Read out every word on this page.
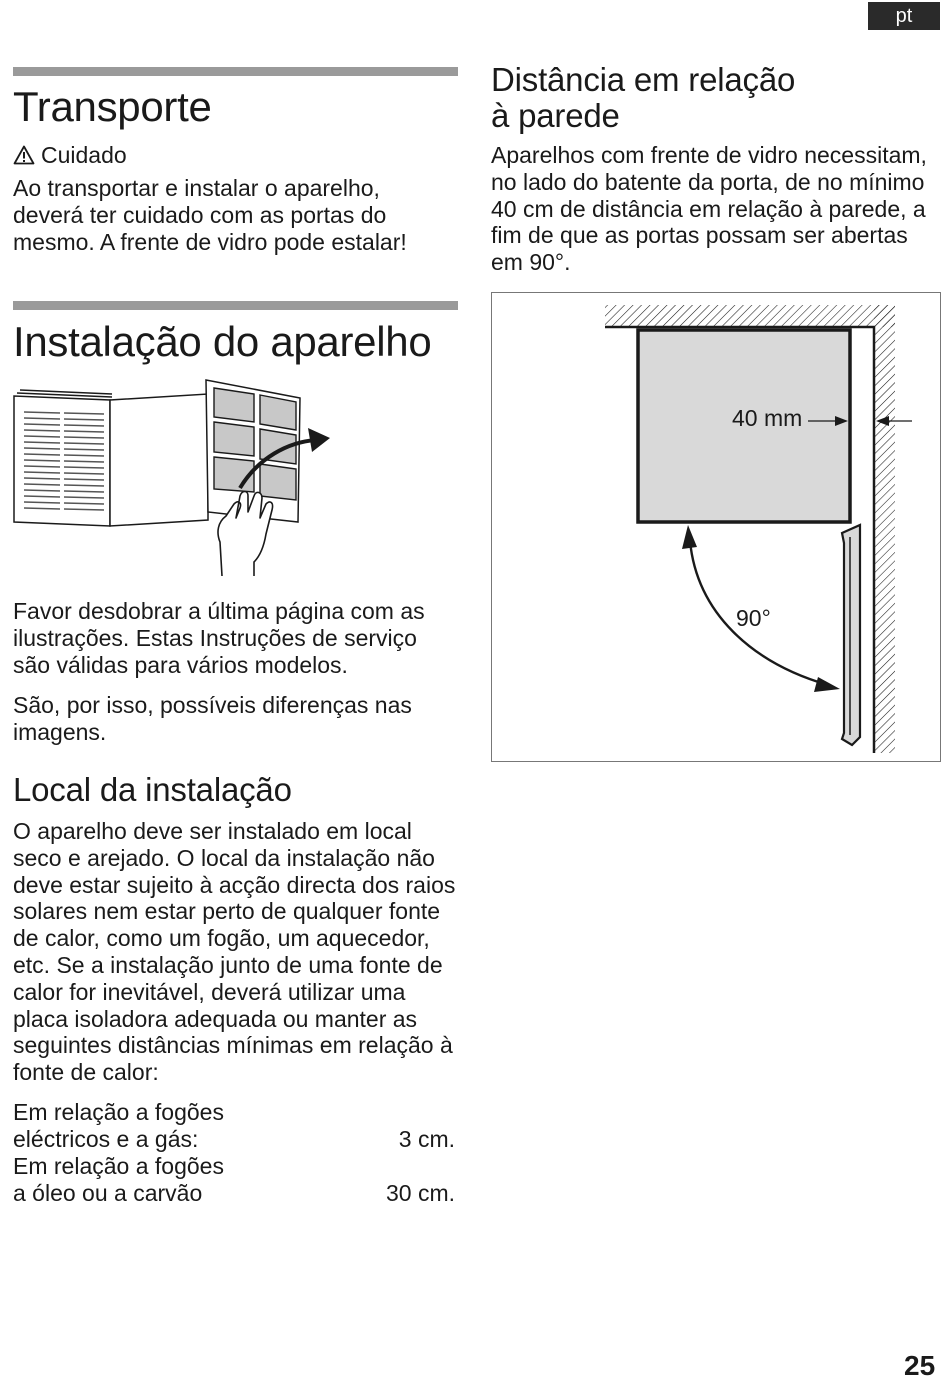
pt
Transporte
Cuidado

Ao transportar e instalar o aparelho, deverá ter cuidado com as portas do mesmo. A frente de vidro pode estalar!

Instalação do aparelho

Favor desdobrar a última página com as ilustrações. Estas Instruções de serviço são válidas para vários modelos.

São, por isso, possíveis diferenças nas imagens.

Local da instalação

O aparelho deve ser instalado em local seco e arejado. O local da instalação não deve estar sujeito à acção directa dos raios solares nem estar perto de qualquer fonte de calor, como um fogão, um aquecedor, etc. Se a instalação junto de uma fonte de calor for inevitável, deverá utilizar uma placa isoladora adequada ou manter as seguintes distâncias mínimas em relação à fonte de calor:

Em relação a fogões
eléctricos e a gás:	3 cm.
Em relação a fogões
a óleo ou a carvão	30 cm.
Distância em relação
à parede

Aparelhos com frente de vidro necessitam, no lado do batente da porta, de no mínimo 40 cm de distância em relação à parede, a fim de que as portas possam ser abertas em 90°.

40 mm
90°
25
